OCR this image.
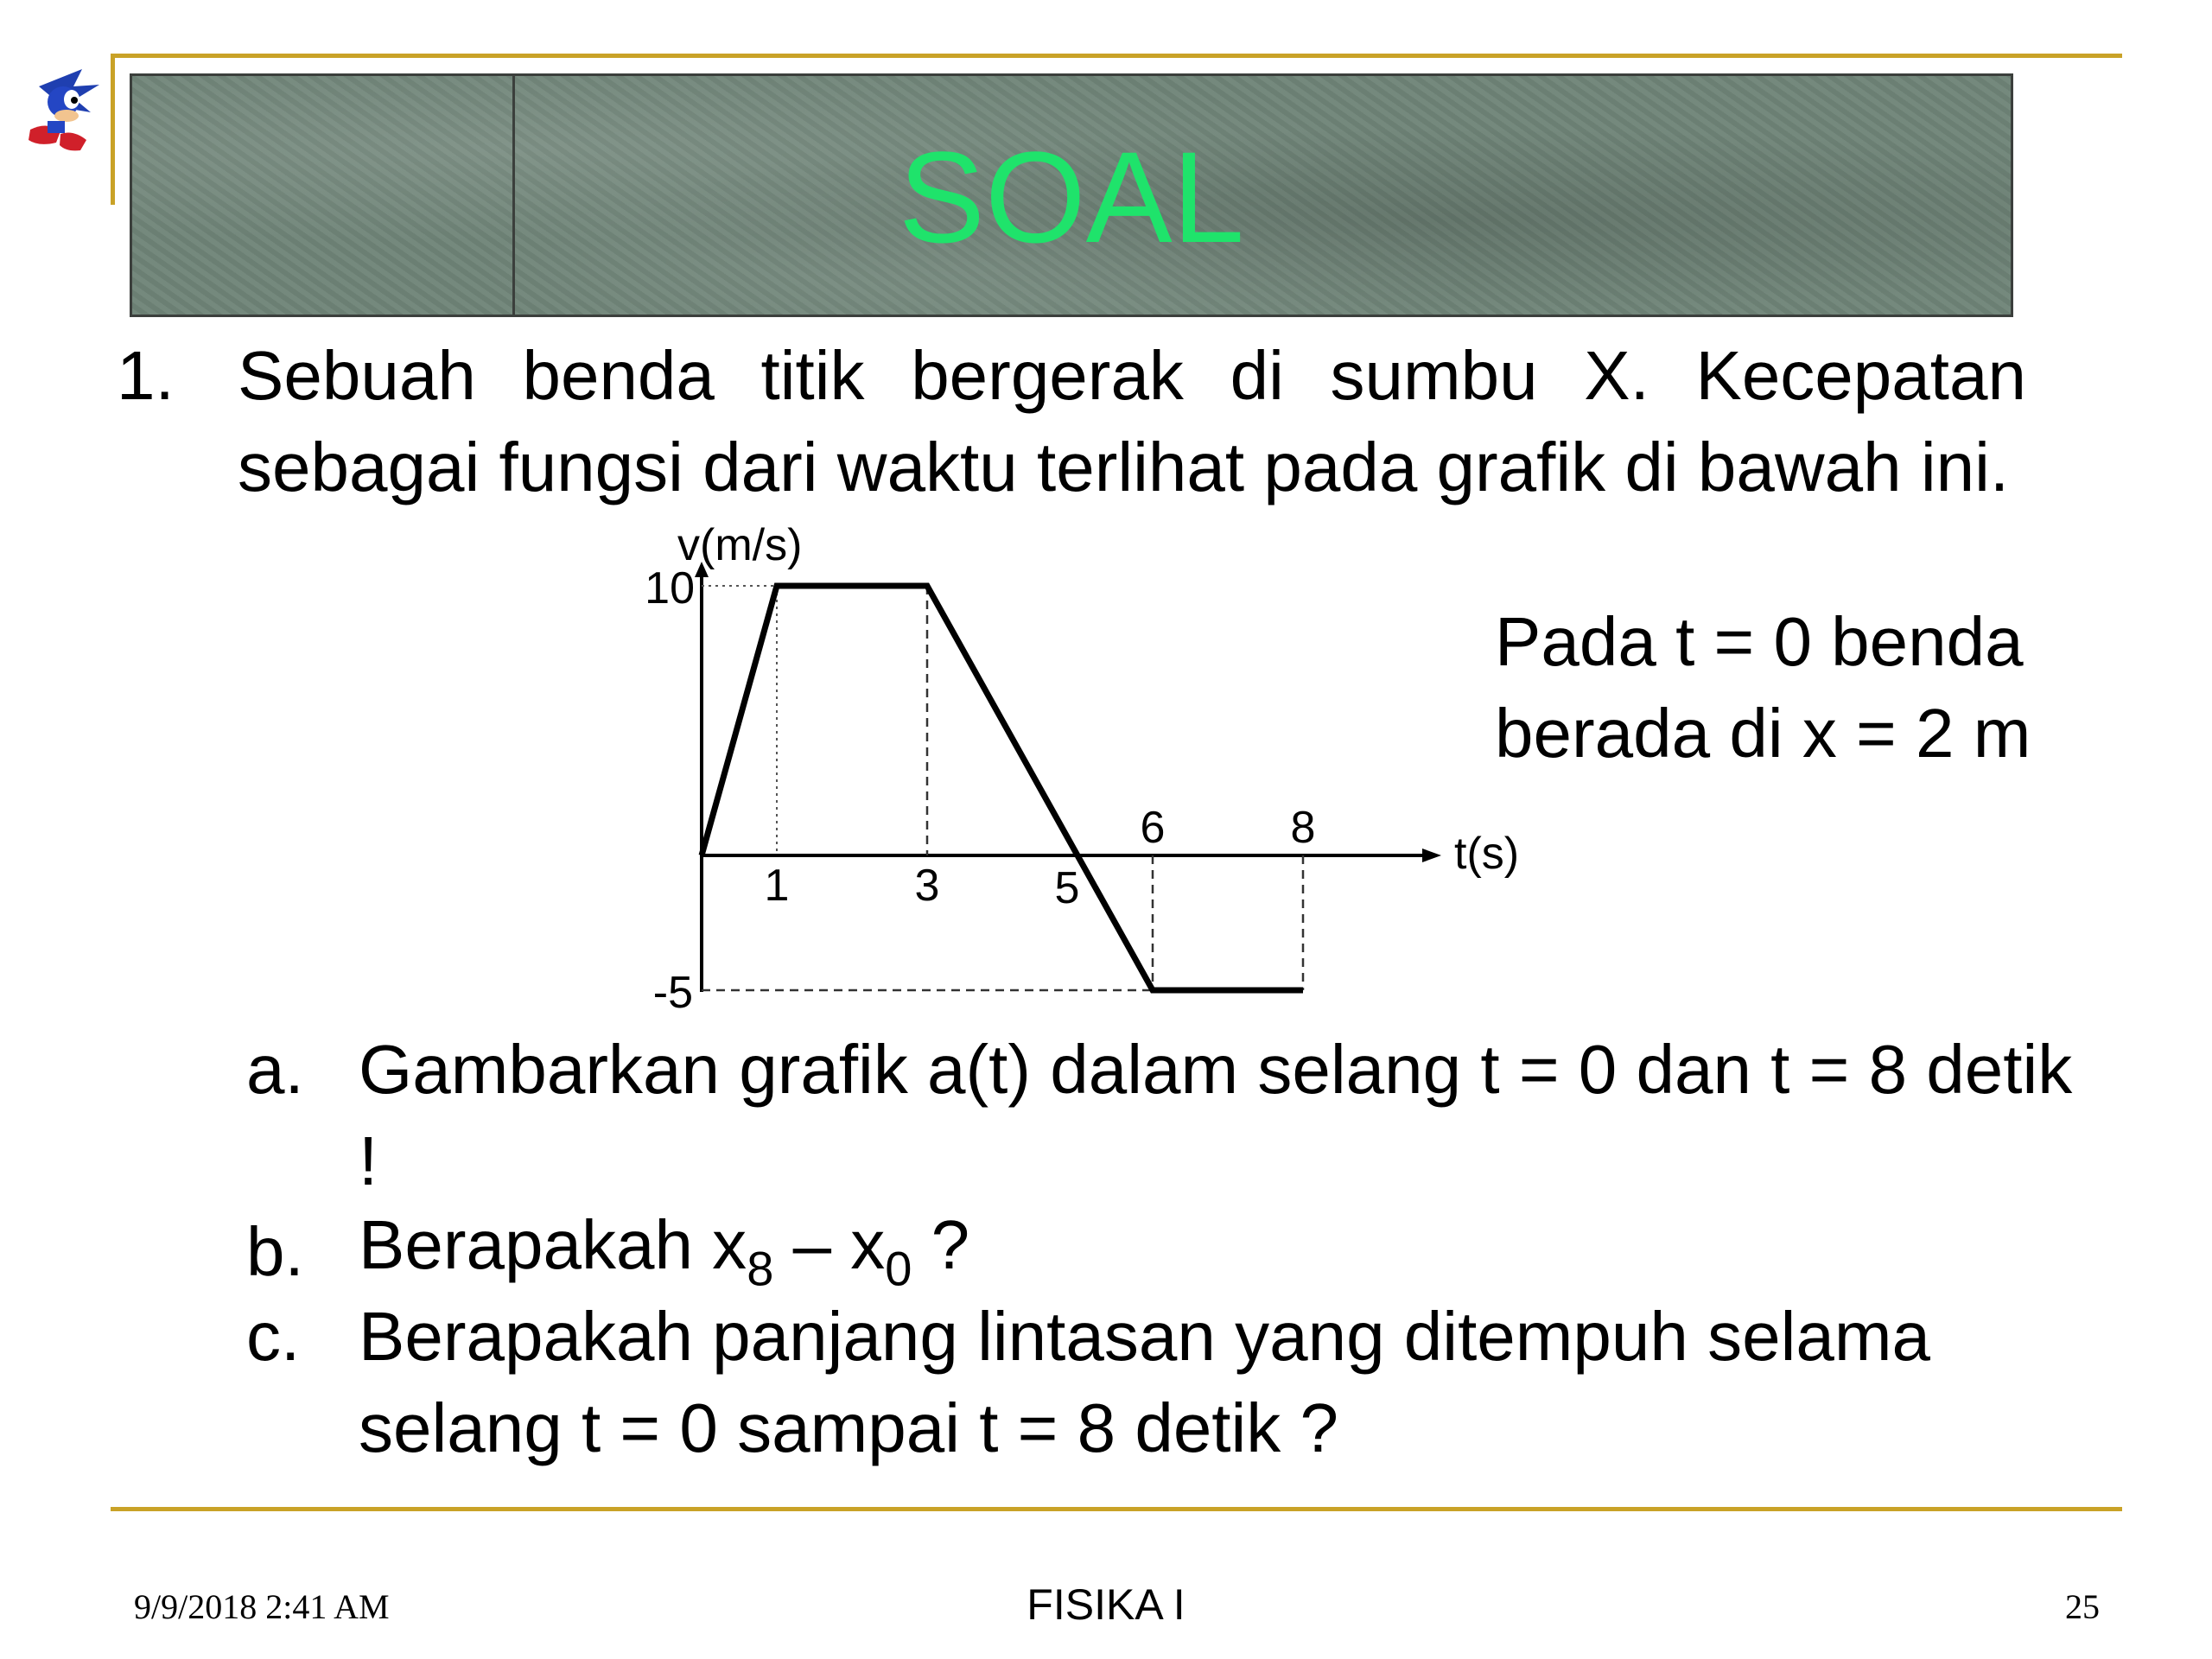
SOAL
1. Sebuah benda titik bergerak di sumbu X. Kecepatan sebagai fungsi dari waktu terlihat pada grafik di bawah ini.
1	3	5
6	8
10
-5
v(m/s)
t(s)
Pada t = 0 benda berada di x = 2 m
a. Gambarkan grafik a(t) dalam selang t = 0 dan t = 8 detik !
b. Berapakah $x_8 - x_0$ ?
c. Berapakah panjang lintasan yang ditempuh selama selang t = 0 sampai t = 8 detik ?
9/9/2018 2:41 AM	FISIKA I	25
